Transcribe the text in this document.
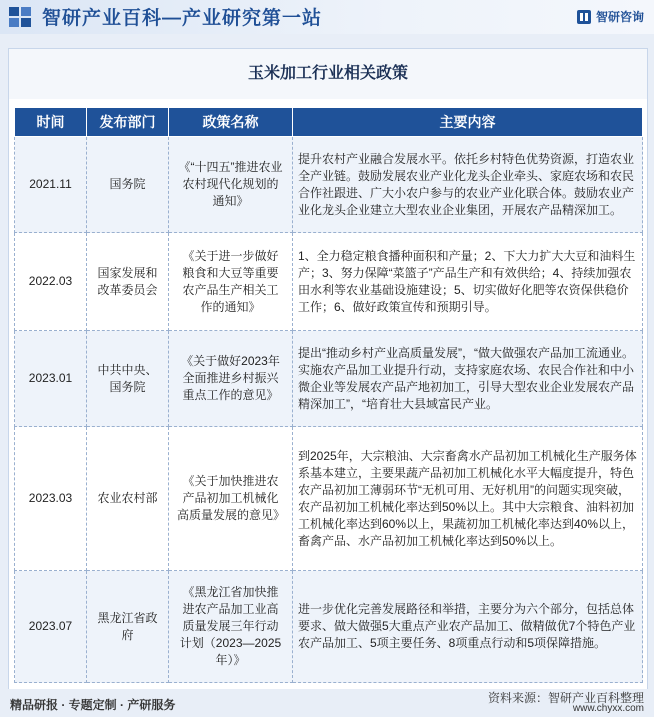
智研产业百科—产业研究第一站	智研咨询
玉米加工行业相关政策
时间	发布部门	政策名称	主要内容
2021.11	国务院	《“十四五”推进农业农村现代化规划的通知》	提升农村产业融合发展水平。依托乡村特色优势资源，打造农业全产业链。鼓励发展农业产业化龙头企业牵头、家庭农场和农民合作社跟进、广大小农户参与的农业产业化联合体。鼓励农业产业化龙头企业建立大型农业企业集团，开展农产品精深加工。
2022.03	国家发展和改革委员会	《关于进一步做好粮食和大豆等重要农产品生产相关工作的通知》	1、全力稳定粮食播种面积和产量；2、下大力扩大大豆和油料生产；3、努力保障“菜篮子”产品生产和有效供给；4、持续加强农田水利等农业基础设施建设；5、切实做好化肥等农资保供稳价工作；6、做好政策宣传和预期引导。
2023.01	中共中央、国务院	《关于做好2023年全面推进乡村振兴重点工作的意见》	提出“推动乡村产业高质量发展”，“做大做强农产品加工流通业。实施农产品加工业提升行动，支持家庭农场、农民合作社和中小微企业等发展农产品产地初加工，引导大型农业企业发展农产品精深加工”，“培育壮大县域富民产业。
2023.03	农业农村部	《关于加快推进农产品初加工机械化高质量发展的意见》	到2025年，大宗粮油、大宗畜禽水产品初加工机械化生产服务体系基本建立，主要果蔬产品初加工机械化水平大幅度提升，特色农产品初加工薄弱环节“无机可用、无好机用”的问题实现突破，农产品初加工机械化率达到50%以上。其中大宗粮食、油料初加工机械化率达到60%以上，果蔬初加工机械化率达到40%以上，畜禽产品、水产品初加工机械化率达到50%以上。
2023.07	黑龙江省政府	《黑龙江省加快推进农产品加工业高质量发展三年行动计划（2023—2025年）》	进一步优化完善发展路径和举措，主要分为六个部分，包括总体要求、做大做强5大重点产业农产品加工、做精做优7个特色产业农产品加工、5项主要任务、8项重点行动和5项保障措施。
精品研报 · 专题定制 · 产研服务	资料来源：智研产业百科整理
www.chyxx.com
